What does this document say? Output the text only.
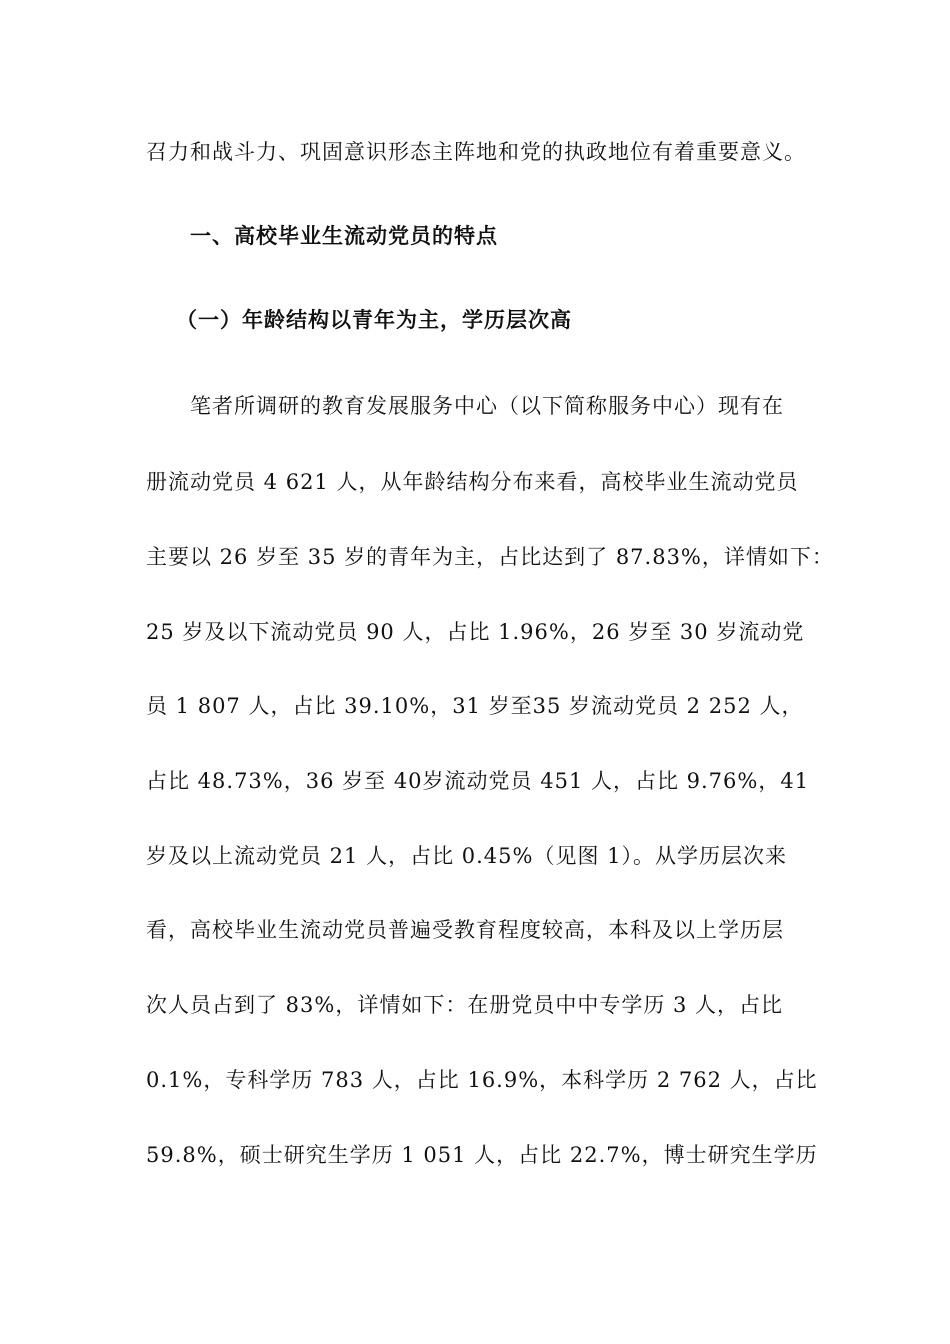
召力和战斗力、巩固意识形态主阵地和党的执政地位有着重要意义。
一、高校毕业生流动党员的特点
（一）年龄结构以青年为主，学历层次高
笔者所调研的教育发展服务中心（以下简称服务中心）现有在
册流动党员 4 621 人，从年龄结构分布来看，高校毕业生流动党员
主要以 26 岁至 35 岁的青年为主，占比达到了 87.83%，详情如下：
25 岁及以下流动党员 90 人，占比 1.96%，26 岁至 30 岁流动党
员 1 807 人，占比 39.10%，31 岁至35 岁流动党员 2 252 人，
占比 48.73%，36 岁至 40岁流动党员 451 人，占比 9.76%，41
岁及以上流动党员 21 人，占比 0.45%（见图 1）。从学历层次来
看，高校毕业生流动党员普遍受教育程度较高，本科及以上学历层
次人员占到了 83%，详情如下：在册党员中中专学历 3 人，占比
0.1%，专科学历 783 人，占比 16.9%，本科学历 2 762 人，占比
59.8%，硕士研究生学历 1 051 人，占比 22.7%，博士研究生学历
